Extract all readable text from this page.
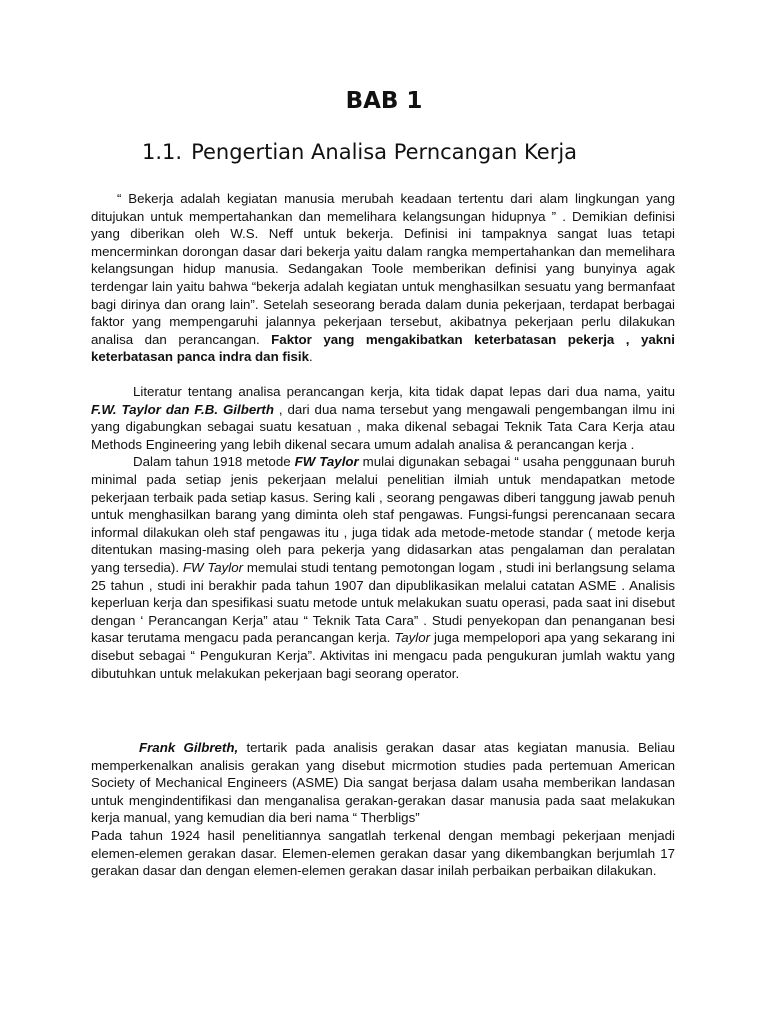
BAB 1
1.1. Pengertian Analisa Perncangan Kerja

“ Bekerja adalah kegiatan manusia merubah keadaan tertentu dari alam lingkungan yang ditujukan untuk mempertahankan dan memelihara kelangsungan hidupnya ” . Demikian definisi yang diberikan oleh W.S. Neff untuk bekerja. Definisi ini tampaknya sangat luas tetapi mencerminkan dorongan dasar dari bekerja yaitu dalam rangka mempertahankan dan memelihara kelangsungan hidup manusia. Sedangakan Toole memberikan definisi yang bunyinya agak terdengar lain yaitu bahwa “bekerja adalah kegiatan untuk menghasilkan sesuatu yang bermanfaat bagi dirinya dan orang lain”. Setelah seseorang berada dalam dunia pekerjaan, terdapat berbagai faktor yang mempengaruhi jalannya pekerjaan tersebut, akibatnya pekerjaan perlu dilakukan analisa dan perancangan. Faktor yang mengakibatkan keterbatasan pekerja , yakni keterbatasan panca indra dan fisik.

Literatur tentang analisa perancangan kerja, kita tidak dapat lepas dari dua nama, yaitu F.W. Taylor dan F.B. Gilberth , dari dua nama tersebut yang mengawali pengembangan ilmu ini yang digabungkan sebagai suatu kesatuan , maka dikenal sebagai Teknik Tata Cara Kerja atau Methods Engineering yang lebih dikenal secara umum adalah analisa & perancangan kerja .

Dalam tahun 1918 metode FW Taylor mulai digunakan sebagai “ usaha penggunaan buruh minimal pada setiap jenis pekerjaan melalui penelitian ilmiah untuk mendapatkan metode pekerjaan terbaik pada setiap kasus. Sering kali , seorang pengawas diberi tanggung jawab penuh untuk menghasilkan barang yang diminta oleh staf pengawas. Fungsi-fungsi perencanaan secara informal dilakukan oleh staf pengawas itu , juga tidak ada metode-metode standar ( metode kerja ditentukan masing-masing oleh para pekerja yang didasarkan atas pengalaman dan peralatan yang tersedia). FW Taylor memulai studi tentang pemotongan logam , studi ini berlangsung selama 25 tahun , studi ini berakhir pada tahun 1907 dan dipublikasikan melalui catatan ASME . Analisis keperluan kerja dan spesifikasi suatu metode untuk melakukan suatu operasi, pada saat ini disebut dengan ‘ Perancangan Kerja” atau “ Teknik Tata Cara” . Studi penyekopan dan penanganan besi kasar terutama mengacu pada perancangan kerja. Taylor juga mempelopori apa yang sekarang ini disebut sebagai “ Pengukuran Kerja”. Aktivitas ini mengacu pada pengukuran jumlah waktu yang dibutuhkan untuk melakukan pekerjaan bagi seorang operator.

Frank Gilbreth, tertarik pada analisis gerakan dasar atas kegiatan manusia. Beliau memperkenalkan analisis gerakan yang disebut micrmotion studies pada pertemuan American Society of Mechanical Engineers (ASME) Dia sangat berjasa dalam usaha memberikan landasan untuk mengindentifikasi dan menganalisa gerakan-gerakan dasar manusia pada saat melakukan kerja manual, yang kemudian dia beri nama “ Therbligs”

Pada tahun 1924 hasil penelitiannya sangatlah terkenal dengan membagi pekerjaan menjadi elemen-elemen gerakan dasar. Elemen-elemen gerakan dasar yang dikembangkan berjumlah 17 gerakan dasar dan dengan elemen-elemen gerakan dasar inilah perbaikan perbaikan dilakukan.
